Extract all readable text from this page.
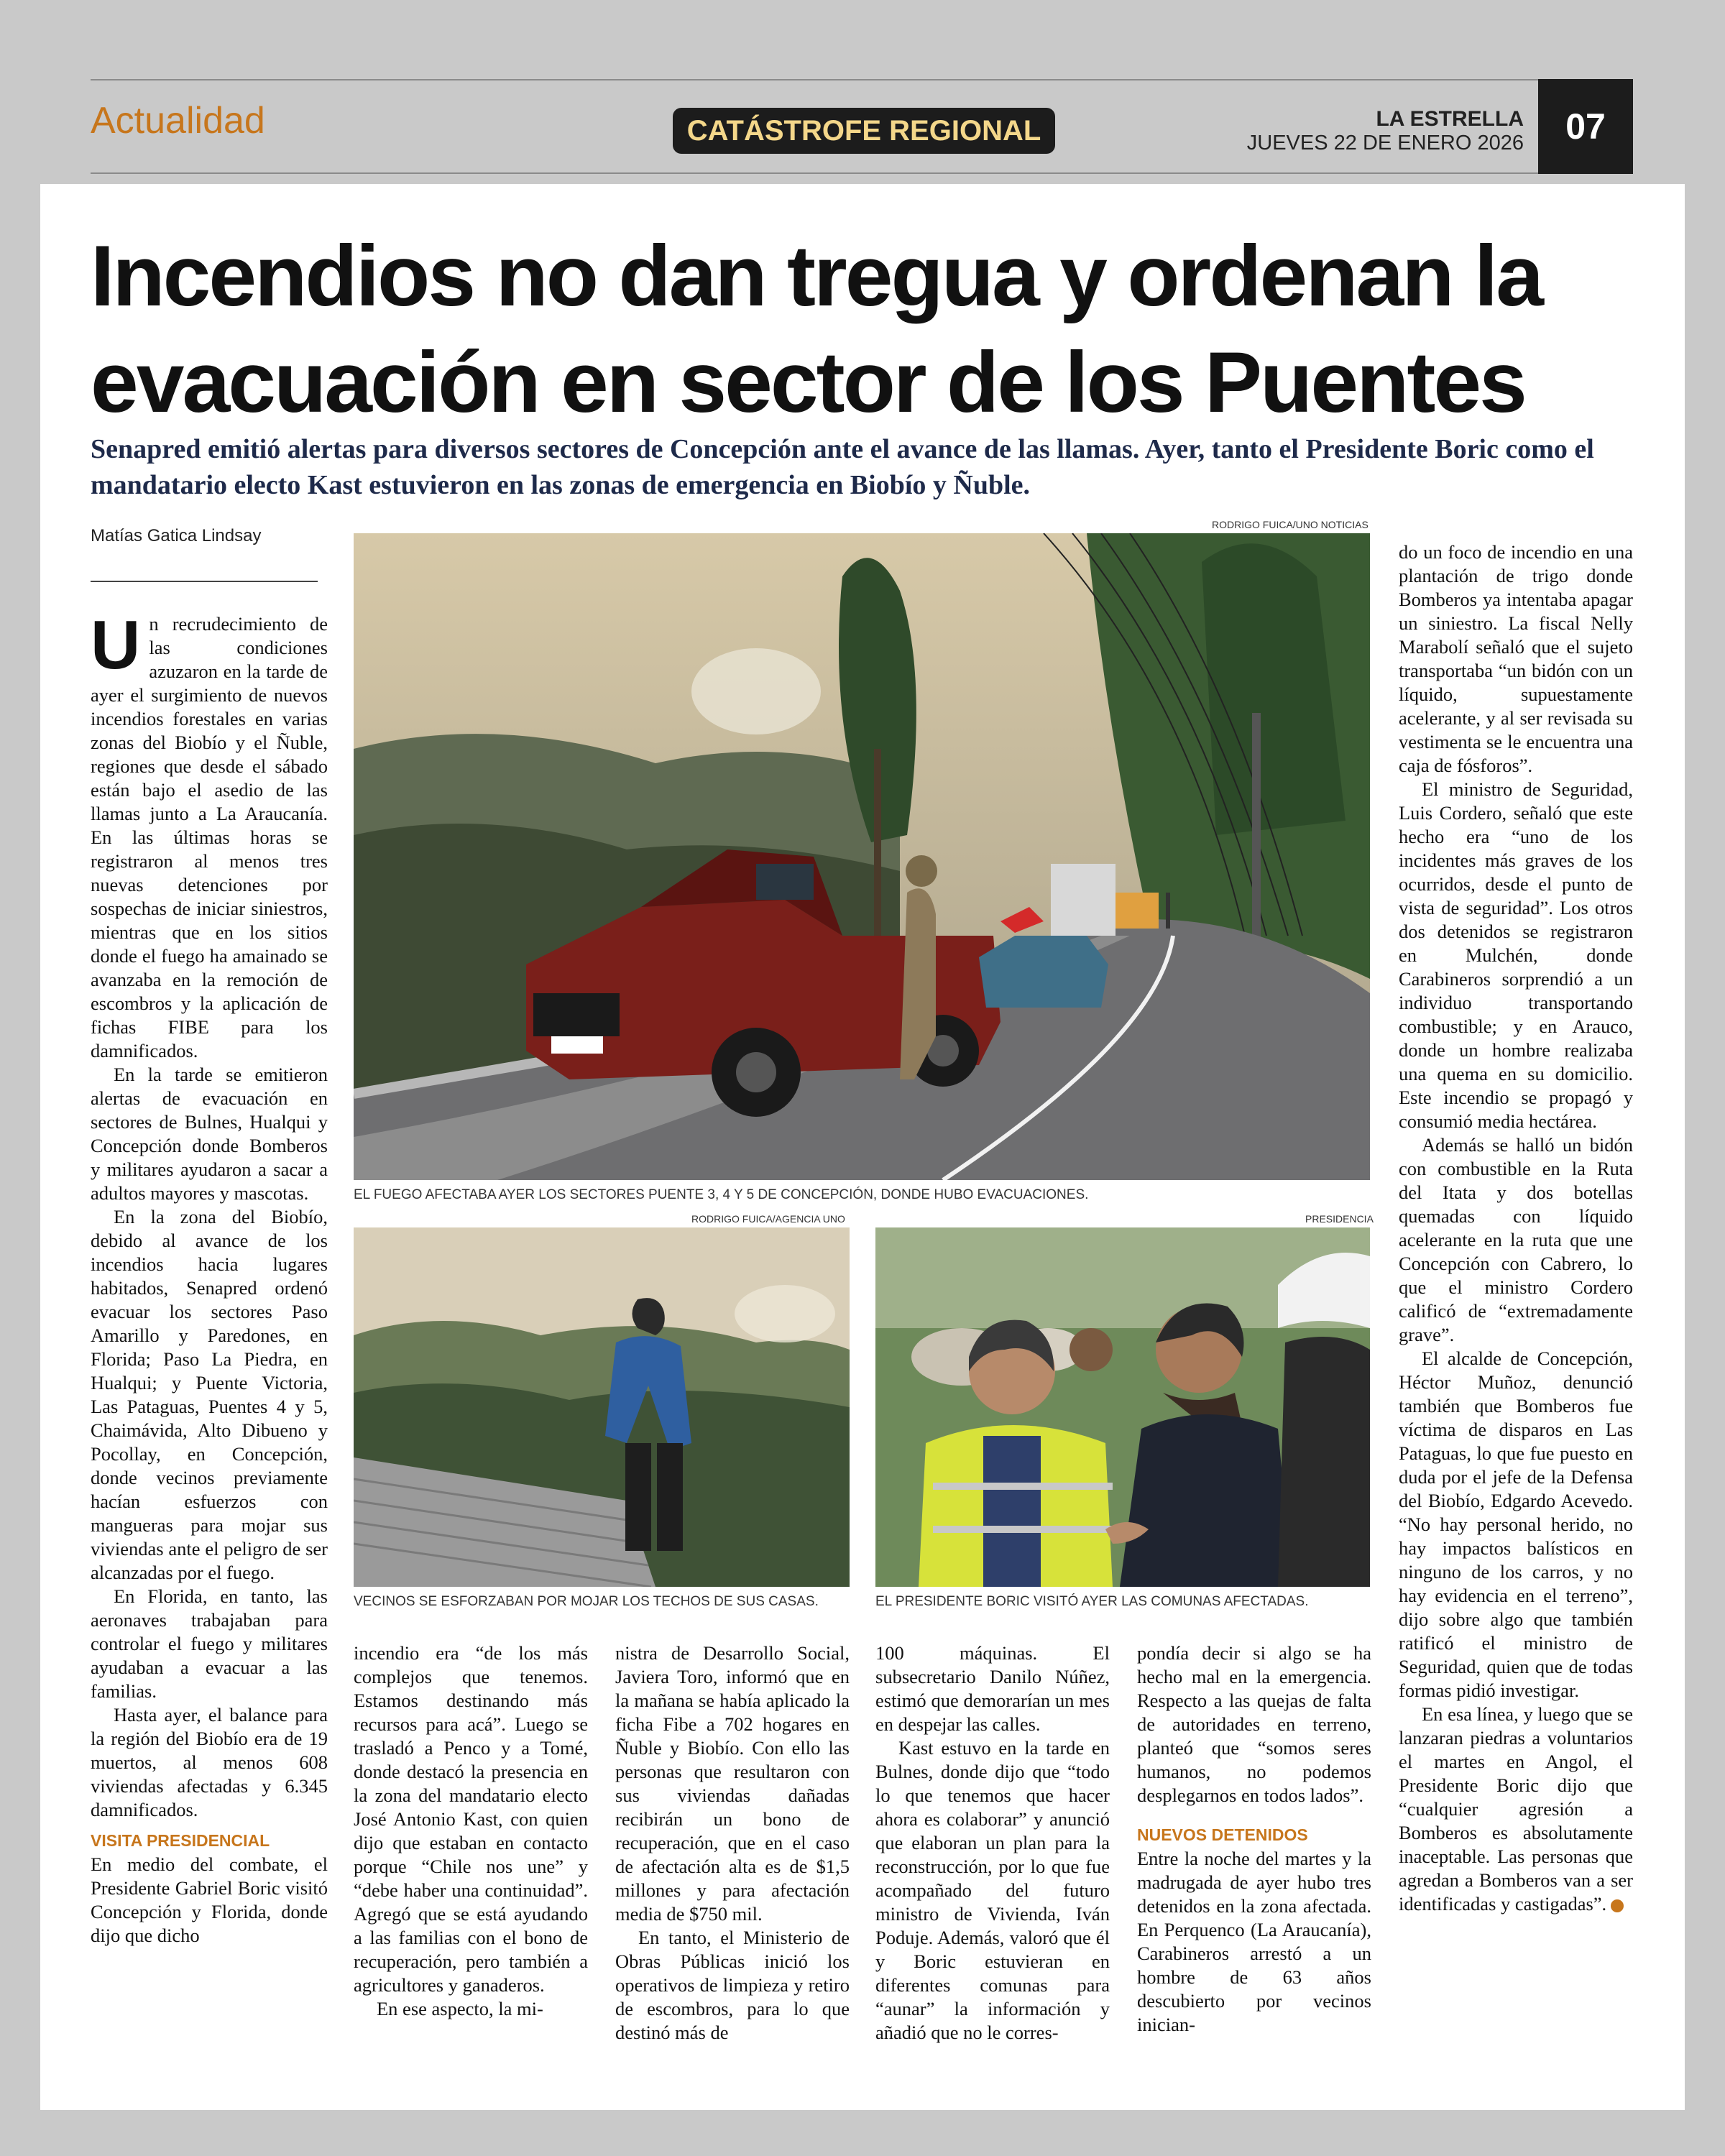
Actualidad	CATÁSTROFE REGIONAL	LA ESTRELLA
JUEVES 22 DE ENERO 2026	07
Incendios no dan tregua y ordenan la evacuación en sector de los Puentes

Senapred emitió alertas para diversos sectores de Concepción ante el avance de las llamas. Ayer, tanto el Presidente Boric como el mandatario electo Kast estuvieron en las zonas de emergencia en Biobío y Ñuble.

Matías Gatica Lindsay
U n recrudecimiento de las condiciones azuzaron en la tarde de ayer el surgimiento de nuevos incendios forestales en varias zonas del Biobío y el Ñuble, regiones que desde el sábado están bajo el asedio de las llamas junto a La Araucanía. En las últimas horas se registraron al menos tres nuevas detenciones por sospechas de iniciar siniestros, mientras que en los sitios donde el fuego ha amainado se avanzaba en la remoción de escombros y la aplicación de fichas FIBE para los damnificados.

En la tarde se emitieron alertas de evacuación en sectores de Bulnes, Hualqui y Concepción donde Bomberos y militares ayudaron a sacar a adultos mayores y mascotas.

En la zona del Biobío, debido al avance de los incendios hacia lugares habitados, Senapred ordenó evacuar los sectores Paso Amarillo y Paredones, en Florida; Paso La Piedra, en Hualqui; y Puente Victoria, Las Pataguas, Puentes 4 y 5, Chaimávida, Alto Dibueno y Pocollay, en Concepción, donde vecinos previamente hacían esfuerzos con mangueras para mojar sus viviendas ante el peligro de ser alcanzadas por el fuego.

En Florida, en tanto, las aeronaves trabajaban para controlar el fuego y militares ayudaban a evacuar a las familias.

Hasta ayer, el balance para la región del Biobío era de 19 muertos, al menos 608 viviendas afectadas y 6.345 damnificados.

VISITA PRESIDENCIAL

En medio del combate, el Presidente Gabriel Boric visitó Concepción y Florida, donde dijo que dicho

RODRIGO FUICA/UNO NOTICIAS
EL FUEGO AFECTABA AYER LOS SECTORES PUENTE 3, 4 Y 5 DE CONCEPCIÓN, DONDE HUBO EVACUACIONES.
RODRIGO FUICA/AGENCIA UNO
VECINOS SE ESFORZABAN POR MOJAR LOS TECHOS DE SUS CASAS.
PRESIDENCIA
EL PRESIDENTE BORIC VISITÓ AYER LAS COMUNAS AFECTADAS.

incendio era “de los más complejos que tenemos. Estamos destinando más recursos para acá”. Luego se trasladó a Penco y a Tomé, donde destacó la presencia en la zona del mandatario electo José Antonio Kast, con quien dijo que estaban en contacto porque “Chile nos une” y “debe haber una continuidad”. Agregó que se está ayudando a las familias con el bono de recuperación, pero también a agricultores y ganaderos.

En ese aspecto, la mi-

nistra de Desarrollo Social, Javiera Toro, informó que en la mañana se había aplicado la ficha Fibe a 702 hogares en Ñuble y Biobío. Con ello las personas que resultaron con sus viviendas dañadas recibirán un bono de recuperación, que en el caso de afectación alta es de $1,5 millones y para afectación media de $750 mil.

En tanto, el Ministerio de Obras Públicas inició los operativos de limpieza y retiro de escombros, para lo que destinó más de

100 máquinas. El subsecretario Danilo Núñez, estimó que demorarían un mes en despejar las calles.

Kast estuvo en la tarde en Bulnes, donde dijo que “todo lo que tenemos que hacer ahora es colaborar” y anunció que elaboran un plan para la reconstrucción, por lo que fue acompañado del futuro ministro de Vivienda, Iván Poduje. Además, valoró que él y Boric estuvieran en diferentes comunas para “aunar” la información y añadió que no le corres-

pondía decir si algo se ha hecho mal en la emergencia. Respecto a las quejas de falta de autoridades en terreno, planteó que “somos seres humanos, no podemos desplegarnos en todos lados”.

NUEVOS DETENIDOS

Entre la noche del martes y la madrugada de ayer hubo tres detenidos en la zona afectada. En Perquenco (La Araucanía), Carabineros arrestó a un hombre de 63 años descubierto por vecinos inician-

do un foco de incendio en una plantación de trigo donde Bomberos ya intentaba apagar un siniestro. La fiscal Nelly Marabolí señaló que el sujeto transportaba “un bidón con un líquido, supuestamente acelerante, y al ser revisada su vestimenta se le encuentra una caja de fósforos”.

El ministro de Seguridad, Luis Cordero, señaló que este hecho era “uno de los incidentes más graves de los ocurridos, desde el punto de vista de seguridad”. Los otros dos detenidos se registraron en Mulchén, donde Carabineros sorprendió a un individuo transportando combustible; y en Arauco, donde un hombre realizaba una quema en su domicilio. Este incendio se propagó y consumió media hectárea.

Además se halló un bidón con combustible en la Ruta del Itata y dos botellas quemadas con líquido acelerante en la ruta que une Concepción con Cabrero, lo que el ministro Cordero calificó de “extremadamente grave”.

El alcalde de Concepción, Héctor Muñoz, denunció también que Bomberos fue víctima de disparos en Las Pataguas, lo que fue puesto en duda por el jefe de la Defensa del Biobío, Edgardo Acevedo. “No hay personal herido, no hay impactos balísticos en ninguno de los carros, y no hay evidencia en el terreno”, dijo sobre algo que también ratificó el ministro de Seguridad, quien que de todas formas pidió investigar.

En esa línea, y luego que se lanzaran piedras a voluntarios el martes en Angol, el Presidente Boric dijo que “cualquier agresión a Bomberos es absolutamente inaceptable. Las personas que agredan a Bomberos van a ser identificadas y castigadas”.
